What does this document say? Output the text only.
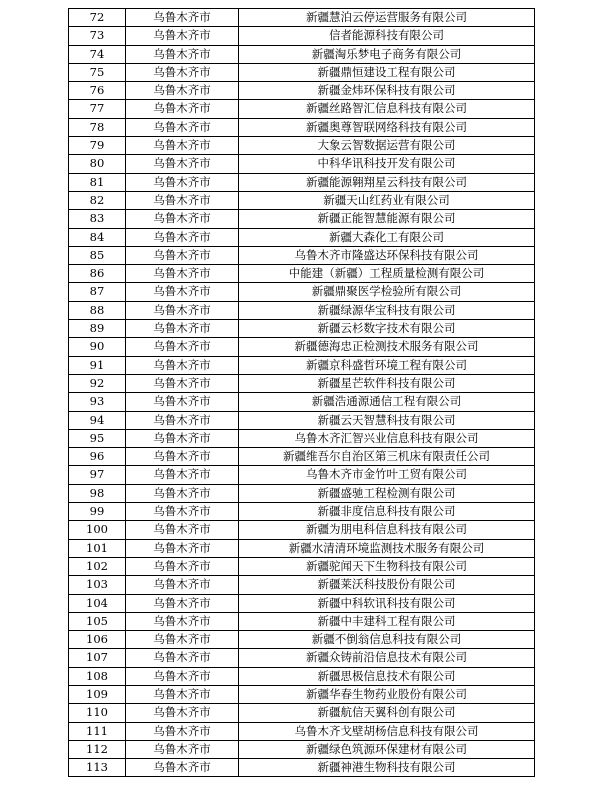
72	乌鲁木齐市	新疆慧泊云停运营服务有限公司
73	乌鲁木齐市	信者能源科技有限公司
74	乌鲁木齐市	新疆淘乐梦电子商务有限公司
75	乌鲁木齐市	新疆鼎恒建设工程有限公司
76	乌鲁木齐市	新疆金炜环保科技有限公司
77	乌鲁木齐市	新疆丝路智汇信息科技有限公司
78	乌鲁木齐市	新疆奥尊智联网络科技有限公司
79	乌鲁木齐市	大象云智数据运营有限公司
80	乌鲁木齐市	中科华讯科技开发有限公司
81	乌鲁木齐市	新疆能源翱翔星云科技有限公司
82	乌鲁木齐市	新疆天山红药业有限公司
83	乌鲁木齐市	新疆正能智慧能源有限公司
84	乌鲁木齐市	新疆大森化工有限公司
85	乌鲁木齐市	乌鲁木齐市隆盛达环保科技有限公司
86	乌鲁木齐市	中能建（新疆）工程质量检测有限公司
87	乌鲁木齐市	新疆鼎聚医学检验所有限公司
88	乌鲁木齐市	新疆绿源华宝科技有限公司
89	乌鲁木齐市	新疆云杉数字技术有限公司
90	乌鲁木齐市	新疆德海忠正检测技术服务有限公司
91	乌鲁木齐市	新疆京科盛哲环境工程有限公司
92	乌鲁木齐市	新疆星芒软件科技有限公司
93	乌鲁木齐市	新疆浩通源通信工程有限公司
94	乌鲁木齐市	新疆云天智慧科技有限公司
95	乌鲁木齐市	乌鲁木齐汇智兴业信息科技有限公司
96	乌鲁木齐市	新疆维吾尔自治区第三机床有限责任公司
97	乌鲁木齐市	乌鲁木齐市金竹叶工贸有限公司
98	乌鲁木齐市	新疆盛驰工程检测有限公司
99	乌鲁木齐市	新疆非度信息科技有限公司
100	乌鲁木齐市	新疆为朋电科信息科技有限公司
101	乌鲁木齐市	新疆水清清环境监测技术服务有限公司
102	乌鲁木齐市	新疆驼闻天下生物科技有限公司
103	乌鲁木齐市	新疆莱沃科技股份有限公司
104	乌鲁木齐市	新疆中科软讯科技有限公司
105	乌鲁木齐市	新疆中丰建科工程有限公司
106	乌鲁木齐市	新疆不倒翁信息科技有限公司
107	乌鲁木齐市	新疆众铸前沿信息技术有限公司
108	乌鲁木齐市	新疆思极信息技术有限公司
109	乌鲁木齐市	新疆华春生物药业股份有限公司
110	乌鲁木齐市	新疆航信天翼科创有限公司
111	乌鲁木齐市	乌鲁木齐戈壁胡杨信息科技有限公司
112	乌鲁木齐市	新疆绿色筑源环保建材有限公司
113	乌鲁木齐市	新疆神港生物科技有限公司
